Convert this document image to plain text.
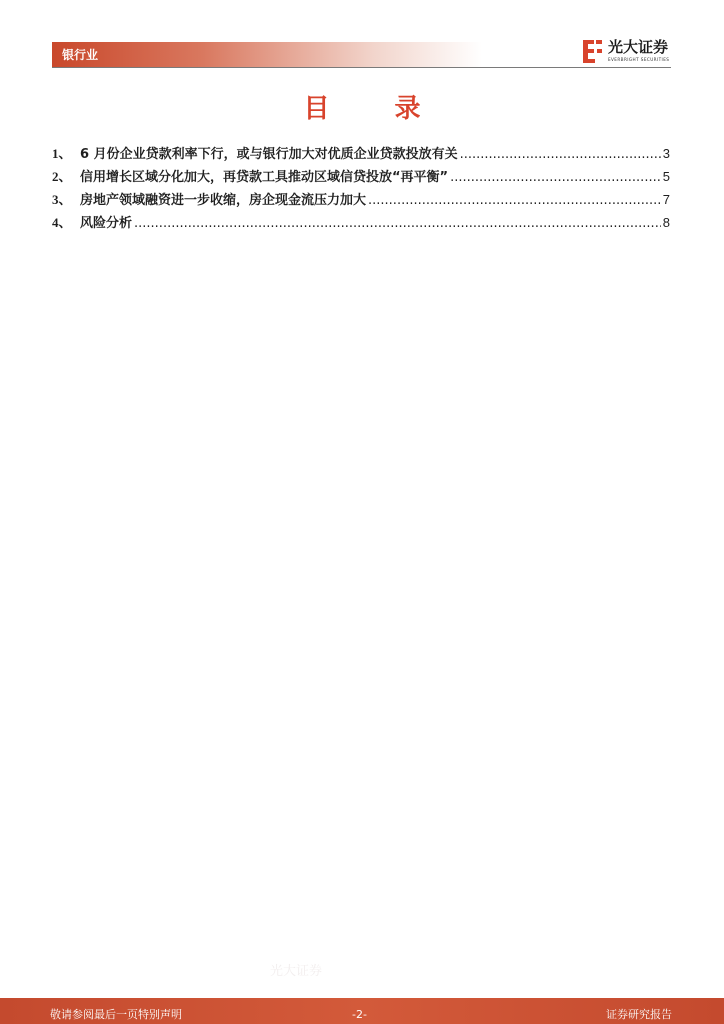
银行业	光大证券
EVERBRIGHT SECURITIES
目 录
1、 6 月份企业贷款利率下行，或与银行加大对优质企业贷款投放有关 .....	3
2、 信用增长区域分化加大，再贷款工具推动区域信贷投放“再平衡” .....	5
3、 房地产领域融资进一步收缩，房企现金流压力加大 .....	7
4、 风险分析 .....	8
光大证券
敬请参阅最后一页特别声明	-2-	证券研究报告
